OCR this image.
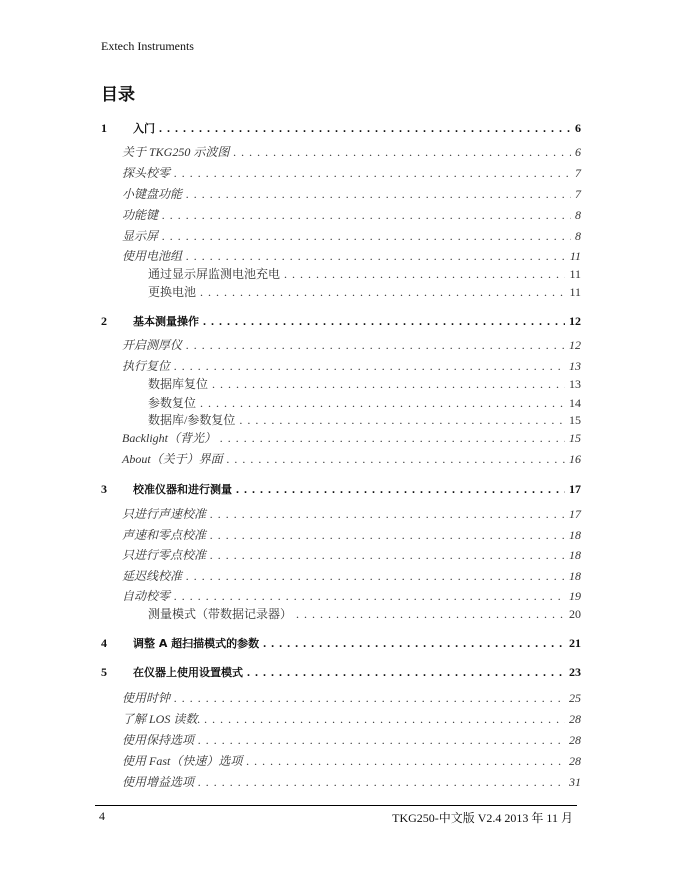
Extech Instruments
目录
1	入门 . . .	6
关于 TKG250 示波图 . . .	6
探头校零 . . .	7
小键盘功能 . . .	7
功能键 . . .	8
显示屏 . . .	8
使用电池组 . . .	11
通过显示屏监测电池充电 . . .	11
更换电池 . . .	11
2	基本测量操作 . . .	12
开启测厚仪 . . .	12
执行复位 . . .	13
数据库复位 . . .	13
参数复位 . . .	14
数据库/参数复位 . . .	15
Backlight（背光） . . .	15
About（关于）界面 . . .	16
3	校准仪器和进行测量 . . .	17
只进行声速校准 . . .	17
声速和零点校准 . . .	18
只进行零点校准 . . .	18
延迟线校准 . . .	18
自动校零 . . .	19
测量模式（带数据记录器） . . .	20
4	调整 A 超扫描模式的参数 . . .	21
5	在仪器上使用设置模式 . . .	23
使用时钟 . . .	25
了解 LOS 读数. . . .	28
使用保持选项 . . .	28
使用 Fast（快速）选项 . . .	28
使用增益选项 . . .	31
4	TKG250-中文版 V2.4 2013 年 11 月
